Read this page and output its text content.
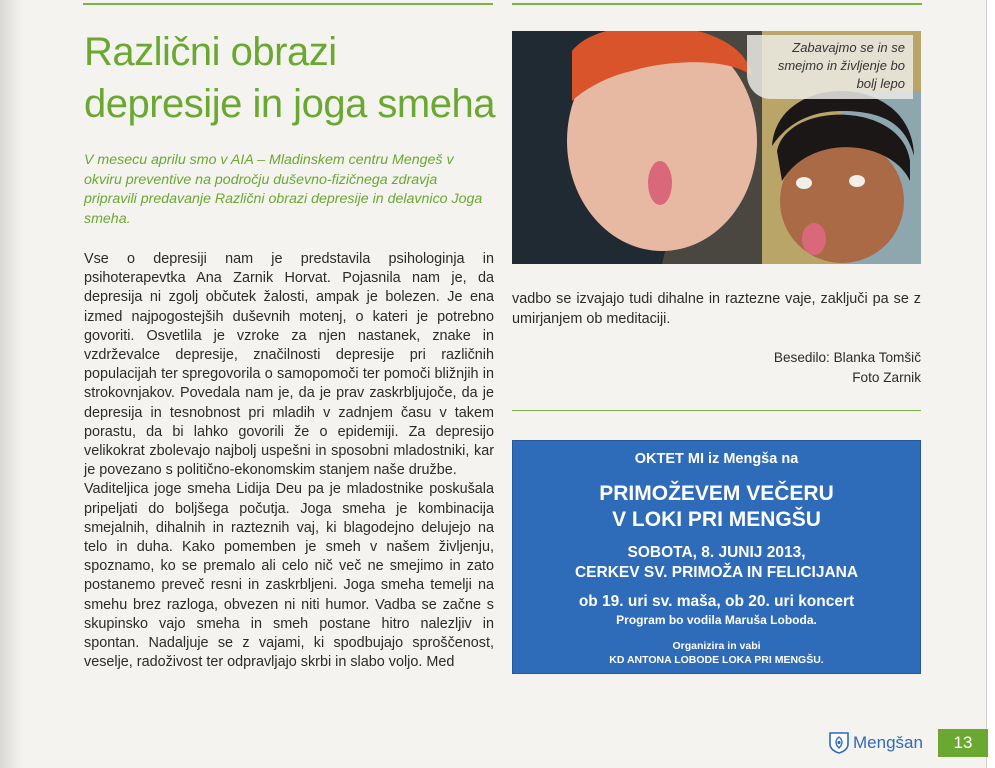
Različni obrazi
depresije in joga smeha

V mesecu aprilu smo v AIA – Mladinskem centru Mengeš v okviru preventive na področju duševno-fizičnega zdravja pripravili predavanje Različni obrazi depresije in delavnico Joga smeha.

Vse o depresiji nam je predstavila psihologinja in psihoterapevtka Ana Zarnik Horvat. Pojasnila nam je, da depresija ni zgolj občutek žalosti, ampak je bolezen. Je ena izmed najpogostejših duševnih motenj, o kateri je potrebno govoriti. Osvetlila je vzroke za njen nastanek, znake in vzdrževalce depresije, značilnosti depresije pri različnih populacijah ter spregovorila o samopomoči ter pomoči bližnjih in strokovnjakov. Povedala nam je, da je prav zaskrbljujoče, da je depresija in tesnobnost pri mladih v zadnjem času v takem porastu, da bi lahko govorili že o epidemiji. Za depresijo velikokrat zbolevajo najbolj uspešni in sposobni mladostniki, kar je povezano s politično-ekonomskim stanjem naše družbe.

Vaditeljica joge smeha Lidija Deu pa je mladostnike poskušala pripeljati do boljšega počutja. Joga smeha je kombinacija smejalnih, dihalnih in razteznih vaj, ki blagodejno delujejo na telo in duha. Kako pomemben je smeh v našem življenju, spoznamo, ko se premalo ali celo nič več ne smejimo in zato postanemo preveč resni in zaskrbljeni. Joga smeha temelji na smehu brez razloga, obvezen ni niti humor. Vadba se začne s skupinsko vajo smeha in smeh postane hitro nalezljiv in spontan. Nadaljuje se z vajami, ki spodbujajo sproščenost, veselje, radoživost ter odpravljajo skrbi in slabo voljo. Med

Zabavajmo se in se smejmo in življenje bo bolj lepo

vadbo se izvajajo tudi dihalne in raztezne vaje, zaključi pa se z umirjanjem ob meditaciji.

Besedilo: Blanka Tomšič
Foto Zarnik
OKTET MI iz Mengša na
PRIMOŽEVEM VEČERU
V LOKI PRI MENGŠU
SOBOTA, 8. JUNIJ 2013,
CERKEV SV. PRIMOŽA IN FELICIJANA
ob 19. uri sv. maša, ob 20. uri koncert
Program bo vodila Maruša Loboda.
Organizira in vabi
KD ANTONA LOBODE LOKA PRI MENGŠU.
Mengšan	13
